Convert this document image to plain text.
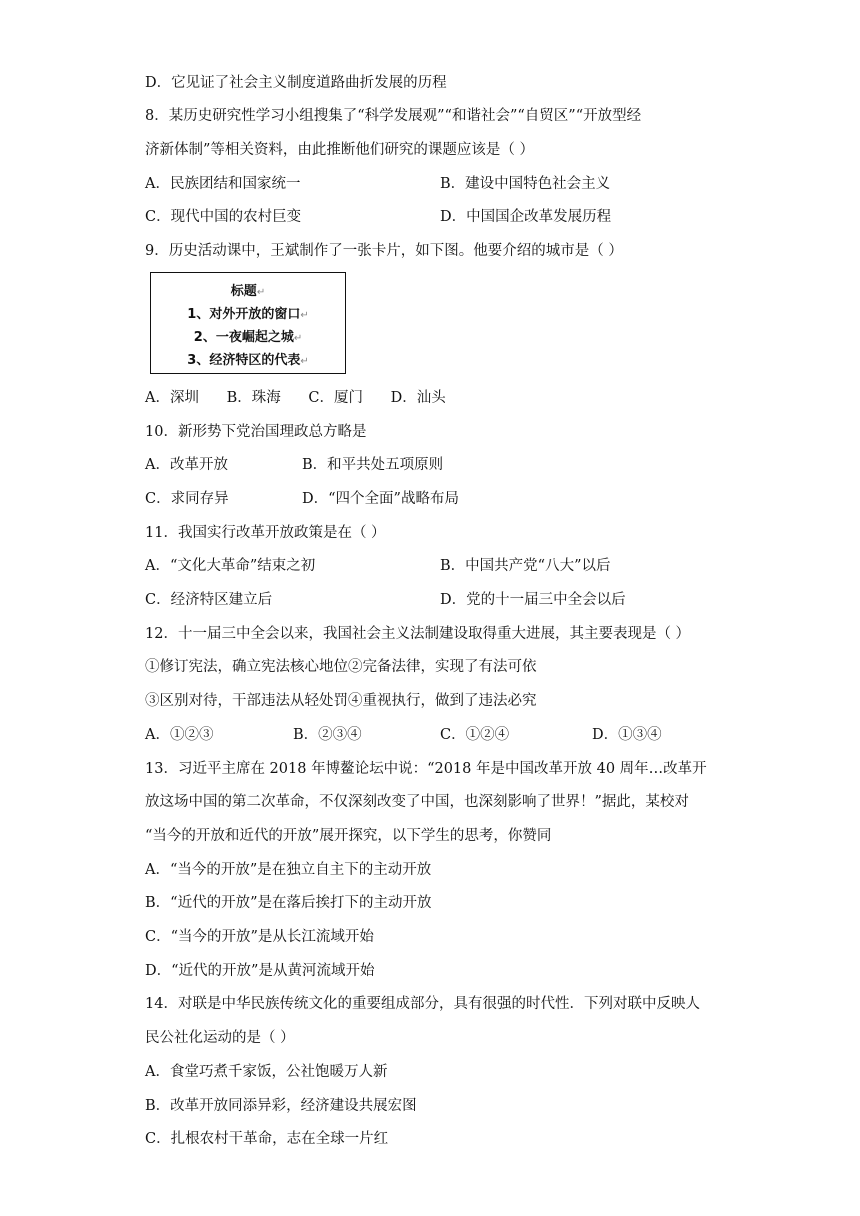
D．它见证了社会主义制度道路曲折发展的历程
8．某历史研究性学习小组搜集了“科学发展观”“和谐社会”“自贸区”“开放型经
济新体制”等相关资料，由此推断他们研究的课题应该是（ ）
A．民族团结和国家统一	B．建设中国特色社会主义
C．现代中国的农村巨变	D．中国国企改革发展历程
9．历史活动课中，王斌制作了一张卡片，如下图。他要介绍的城市是（ ）
标题↵
1、对外开放的窗口↵
2、一夜崛起之城↵
3、经济特区的代表↵
A．深圳      B．珠海      C．厦门      D．汕头
10．新形势下党治国理政总方略是
A．改革开放	B．和平共处五项原则
C．求同存异	D．“四个全面”战略布局
11．我国实行改革开放政策是在（ ）
A．“文化大革命”结束之初	B．中国共产党“八大”以后
C．经济特区建立后	D．党的十一届三中全会以后
12．十一届三中全会以来，我国社会主义法制建设取得重大进展，其主要表现是（ ）
①修订宪法，确立宪法核心地位②完备法律，实现了有法可依
③区别对待，干部违法从轻处罚④重视执行，做到了违法必究
A．①②③	B．②③④	C．①②④	D．①③④
13．习近平主席在 2018 年博鳌论坛中说：“2018 年是中国改革开放 40 周年…改革开
放这场中国的第二次革命，不仅深刻改变了中国，也深刻影响了世界！”据此，某校对
“当今的开放和近代的开放”展开探究，以下学生的思考，你赞同
A．“当今的开放”是在独立自主下的主动开放
B．“近代的开放”是在落后挨打下的主动开放
C．“当今的开放”是从长江流域开始
D．“近代的开放”是从黄河流域开始
14．对联是中华民族传统文化的重要组成部分，具有很强的时代性．下列对联中反映人
民公社化运动的是（ ）
A．食堂巧煮千家饭，公社饱暖万人新
B．改革开放同添异彩，经济建设共展宏图
C．扎根农村干革命，志在全球一片红
